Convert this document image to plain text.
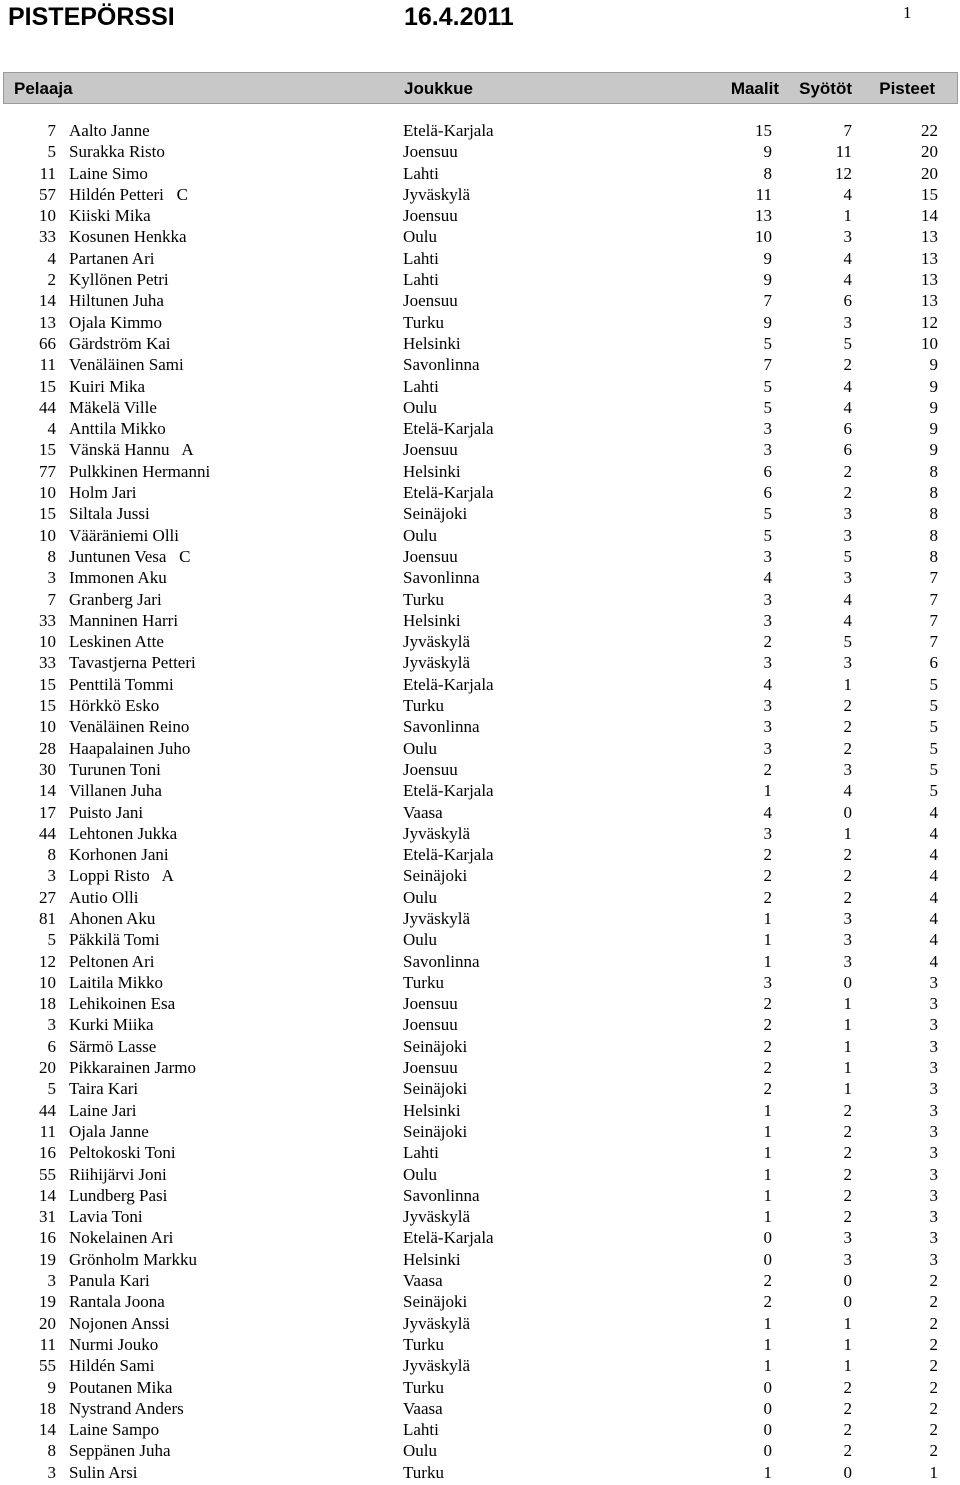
PISTEPÖRSSI	16.4.2011	1
Pelaaja	Joukkue	Maalit Syötöt Pisteet
7 Aalto Janne	Etelä-Karjala	15	7	22
5 Surakka Risto	Joensuu	9	11	20
11 Laine Simo	Lahti	8	12	20
57 Hildén Petteri   C	Jyväskylä	11	4	15
10 Kiiski Mika	Joensuu	13	1	14
33 Kosunen Henkka	Oulu	10	3	13
4 Partanen Ari	Lahti	9	4	13
2 Kyllönen Petri	Lahti	9	4	13
14 Hiltunen Juha	Joensuu	7	6	13
13 Ojala Kimmo	Turku	9	3	12
66 Gärdström Kai	Helsinki	5	5	10
11 Venäläinen Sami	Savonlinna	7	2	9
15 Kuiri Mika	Lahti	5	4	9
44 Mäkelä Ville	Oulu	5	4	9
4 Anttila Mikko	Etelä-Karjala	3	6	9
15 Vänskä Hannu   A	Joensuu	3	6	9
77 Pulkkinen Hermanni	Helsinki	6	2	8
10 Holm Jari	Etelä-Karjala	6	2	8
15 Siltala Jussi	Seinäjoki	5	3	8
10 Vääräniemi Olli	Oulu	5	3	8
8 Juntunen Vesa   C	Joensuu	3	5	8
3 Immonen Aku	Savonlinna	4	3	7
7 Granberg Jari	Turku	3	4	7
33 Manninen Harri	Helsinki	3	4	7
10 Leskinen Atte	Jyväskylä	2	5	7
33 Tavastjerna Petteri	Jyväskylä	3	3	6
15 Penttilä Tommi	Etelä-Karjala	4	1	5
15 Hörkkö Esko	Turku	3	2	5
10 Venäläinen Reino	Savonlinna	3	2	5
28 Haapalainen Juho	Oulu	3	2	5
30 Turunen Toni	Joensuu	2	3	5
14 Villanen Juha	Etelä-Karjala	1	4	5
17 Puisto Jani	Vaasa	4	0	4
44 Lehtonen Jukka	Jyväskylä	3	1	4
8 Korhonen Jani	Etelä-Karjala	2	2	4
3 Loppi Risto   A	Seinäjoki	2	2	4
27 Autio Olli	Oulu	2	2	4
81 Ahonen Aku	Jyväskylä	1	3	4
5 Päkkilä Tomi	Oulu	1	3	4
12 Peltonen Ari	Savonlinna	1	3	4
10 Laitila Mikko	Turku	3	0	3
18 Lehikoinen Esa	Joensuu	2	1	3
3 Kurki Miika	Joensuu	2	1	3
6 Särmö Lasse	Seinäjoki	2	1	3
20 Pikkarainen Jarmo	Joensuu	2	1	3
5 Taira Kari	Seinäjoki	2	1	3
44 Laine Jari	Helsinki	1	2	3
11 Ojala Janne	Seinäjoki	1	2	3
16 Peltokoski Toni	Lahti	1	2	3
55 Riihijärvi Joni	Oulu	1	2	3
14 Lundberg Pasi	Savonlinna	1	2	3
31 Lavia Toni	Jyväskylä	1	2	3
16 Nokelainen Ari	Etelä-Karjala	0	3	3
19 Grönholm Markku	Helsinki	0	3	3
3 Panula Kari	Vaasa	2	0	2
19 Rantala Joona	Seinäjoki	2	0	2
20 Nojonen Anssi	Jyväskylä	1	1	2
11 Nurmi Jouko	Turku	1	1	2
55 Hildén Sami	Jyväskylä	1	1	2
9 Poutanen Mika	Turku	0	2	2
18 Nystrand Anders	Vaasa	0	2	2
14 Laine Sampo	Lahti	0	2	2
8 Seppänen Juha	Oulu	0	2	2
3 Sulin Arsi	Turku	1	0	1
